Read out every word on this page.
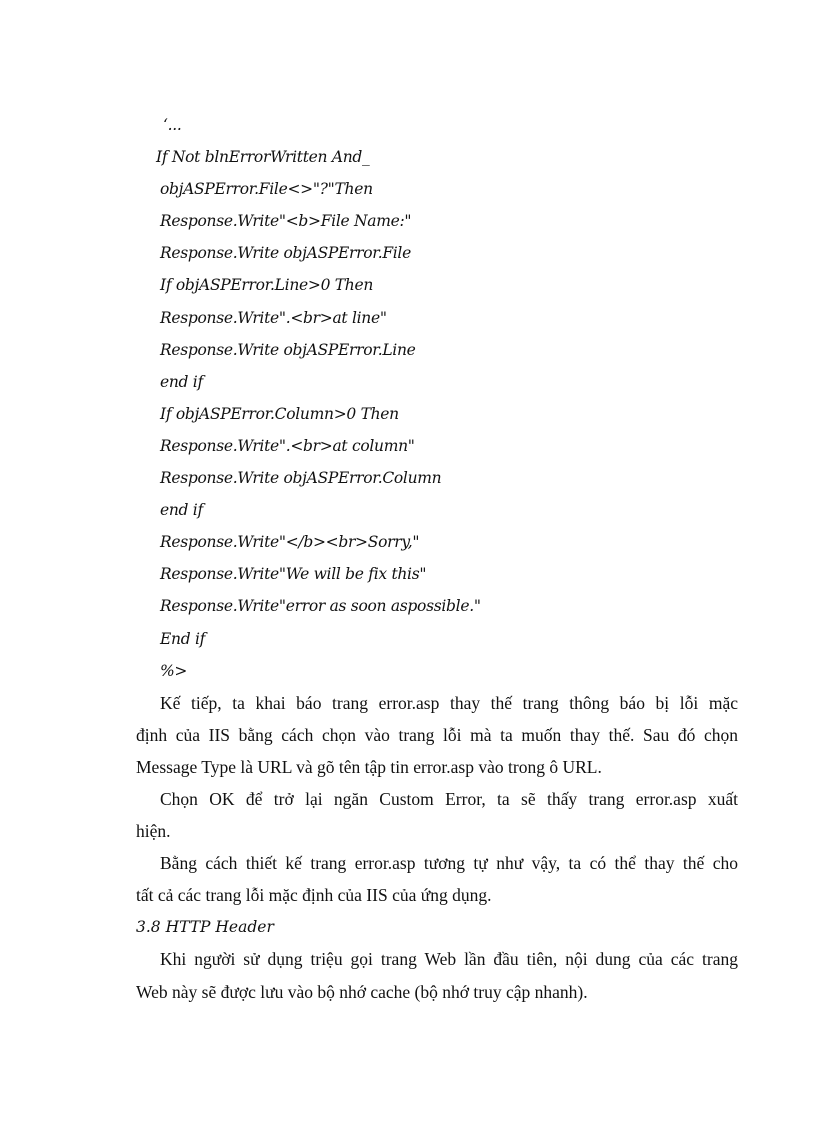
‘...
If Not blnErrorWritten And_
objASPError.File<>"?"Then
Response.Write"<b>File Name:"
Response.Write objASPError.File
If objASPError.Line>0 Then
Response.Write".<br>at line"
Response.Write objASPError.Line
end if
If objASPError.Column>0 Then
Response.Write".<br>at column"
Response.Write objASPError.Column
end if
Response.Write"</b><br>Sorry,"
Response.Write"We will be fix this"
Response.Write"error as soon aspossible."
End if
%>
Kế tiếp, ta khai báo trang error.asp thay thế trang thông báo bị lỗi mặc
định của IIS bằng cách chọn vào trang lỗi mà ta muốn thay thế. Sau đó chọn
Message Type là URL và gõ tên tập tin error.asp vào trong ô URL.
Chọn OK để trở lại ngăn Custom Error, ta sẽ thấy trang error.asp xuất
hiện.
Bằng cách thiết kế trang error.asp tương tự như vậy, ta có thể thay thế cho
tất cả các trang lỗi mặc định của IIS của ứng dụng.
3.8 HTTP Header
Khi người sử dụng triệu gọi trang Web lần đầu tiên, nội dung của các trang
Web này sẽ được lưu vào bộ nhớ cache (bộ nhớ truy cập nhanh).
